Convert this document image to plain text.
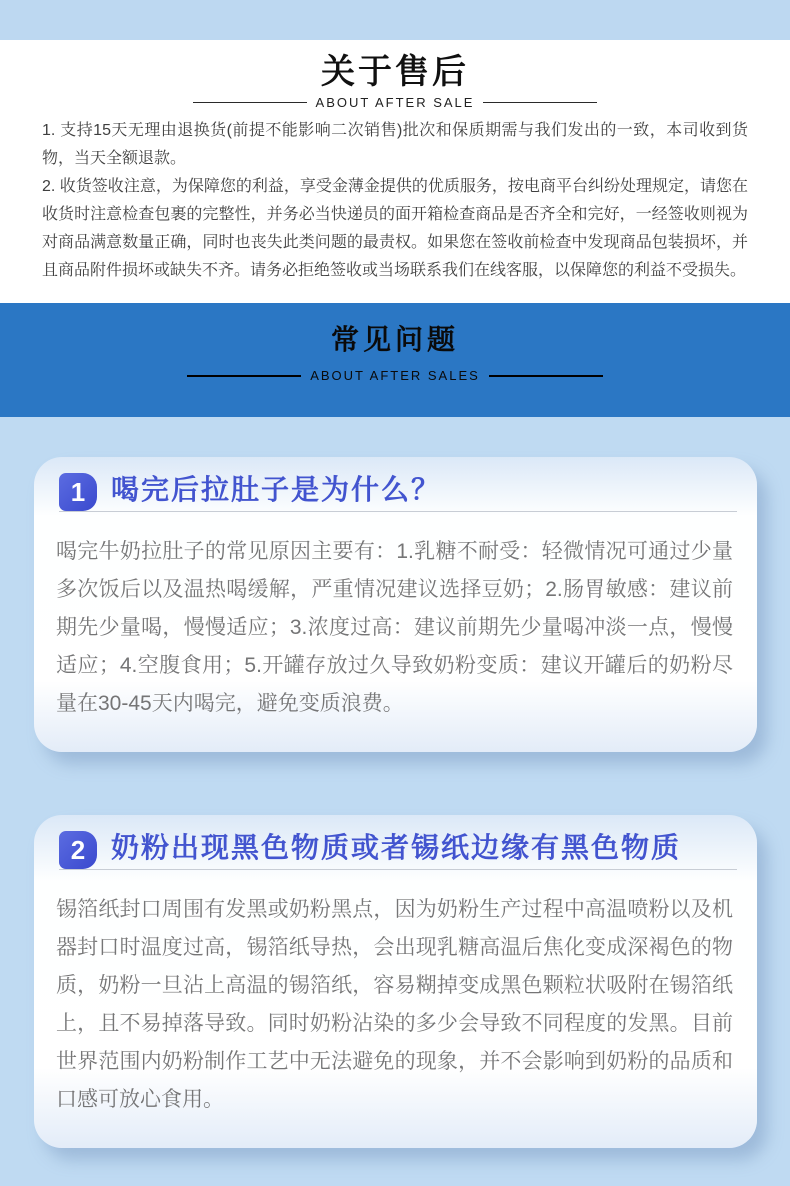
关于售后
ABOUT AFTER SALE

1. 支持15天无理由退换货(前提不能影响二次销售)批次和保质期需与我们发出的一致，本司收到货物，当天全额退款。

2. 收货签收注意，为保障您的利益，享受金薄金提供的优质服务，按电商平台纠纷处理规定，请您在收货时注意检查包裹的完整性，并务必当快递员的面开箱检查商品是否齐全和完好，一经签收则视为对商品满意数量正确，同时也丧失此类问题的最责权。如果您在签收前检查中发现商品包装损坏，并且商品附件损坏或缺失不齐。请务必拒绝签收或当场联系我们在线客服，以保障您的利益不受损失。

常见问题
ABOUT AFTER SALES
1 喝完后拉肚子是为什么？

喝完牛奶拉肚子的常见原因主要有：1.乳糖不耐受：轻微情况可通过少量多次饭后以及温热喝缓解，严重情况建议选择豆奶；2.肠胃敏感：建议前期先少量喝，慢慢适应；3.浓度过高：建议前期先少量喝冲淡一点，慢慢适应；4.空腹食用；5.开罐存放过久导致奶粉变质：建议开罐后的奶粉尽量在30-45天内喝完，避免变质浪费。

2 奶粉出现黑色物质或者锡纸边缘有黑色物质

锡箔纸封口周围有发黑或奶粉黑点，因为奶粉生产过程中高温喷粉以及机器封口时温度过高，锡箔纸导热，会出现乳糖高温后焦化变成深褐色的物质，奶粉一旦沾上高温的锡箔纸，容易糊掉变成黑色颗粒状吸附在锡箔纸上，且不易掉落导致。同时奶粉沾染的多少会导致不同程度的发黑。目前世界范围内奶粉制作工艺中无法避免的现象，并不会影响到奶粉的品质和口感可放心食用。
